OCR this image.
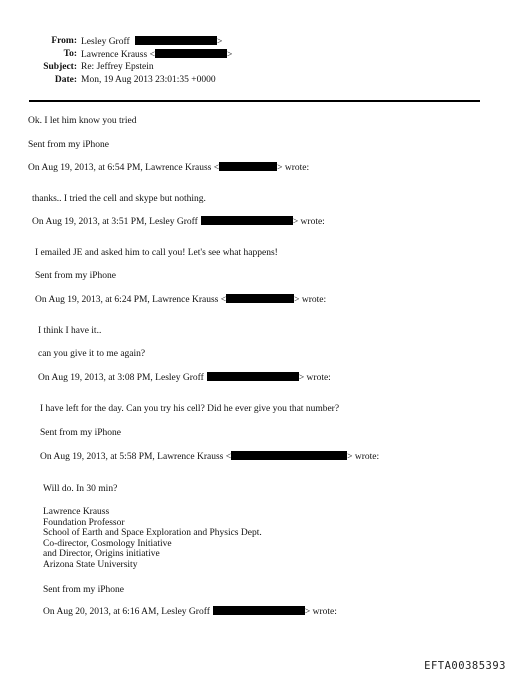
From: Lesley Groff	>
To: Lawrence Krauss <	>
Subject: Re: Jeffrey Epstein
Date: Mon, 19 Aug 2013 23:01:35 +0000
Ok. I let him know you tried
Sent from my iPhone
On Aug 19, 2013, at 6:54 PM, Lawrence Krauss <	> wrote:
thanks.. I tried the cell and skype but nothing.
On Aug 19, 2013, at 3:51 PM, Lesley Groff	> wrote:
I emailed JE and asked him to call you! Let's see what happens!
Sent from my iPhone
On Aug 19, 2013, at 6:24 PM, Lawrence Krauss <	> wrote:
I think I have it..
can you give it to me again?
On Aug 19, 2013, at 3:08 PM, Lesley Groff	> wrote:
I have left for the day. Can you try his cell? Did he ever give you that number?
Sent from my iPhone
On Aug 19, 2013, at 5:58 PM, Lawrence Krauss <	> wrote:
Will do. In 30 min?
Lawrence Krauss
Foundation Professor
School of Earth and Space Exploration and Physics Dept.
Co-director, Cosmology Initiative
and Director, Origins initiative
Arizona State University
Sent from my iPhone
On Aug 20, 2013, at 6:16 AM, Lesley Groff	> wrote:
EFTA00385393
